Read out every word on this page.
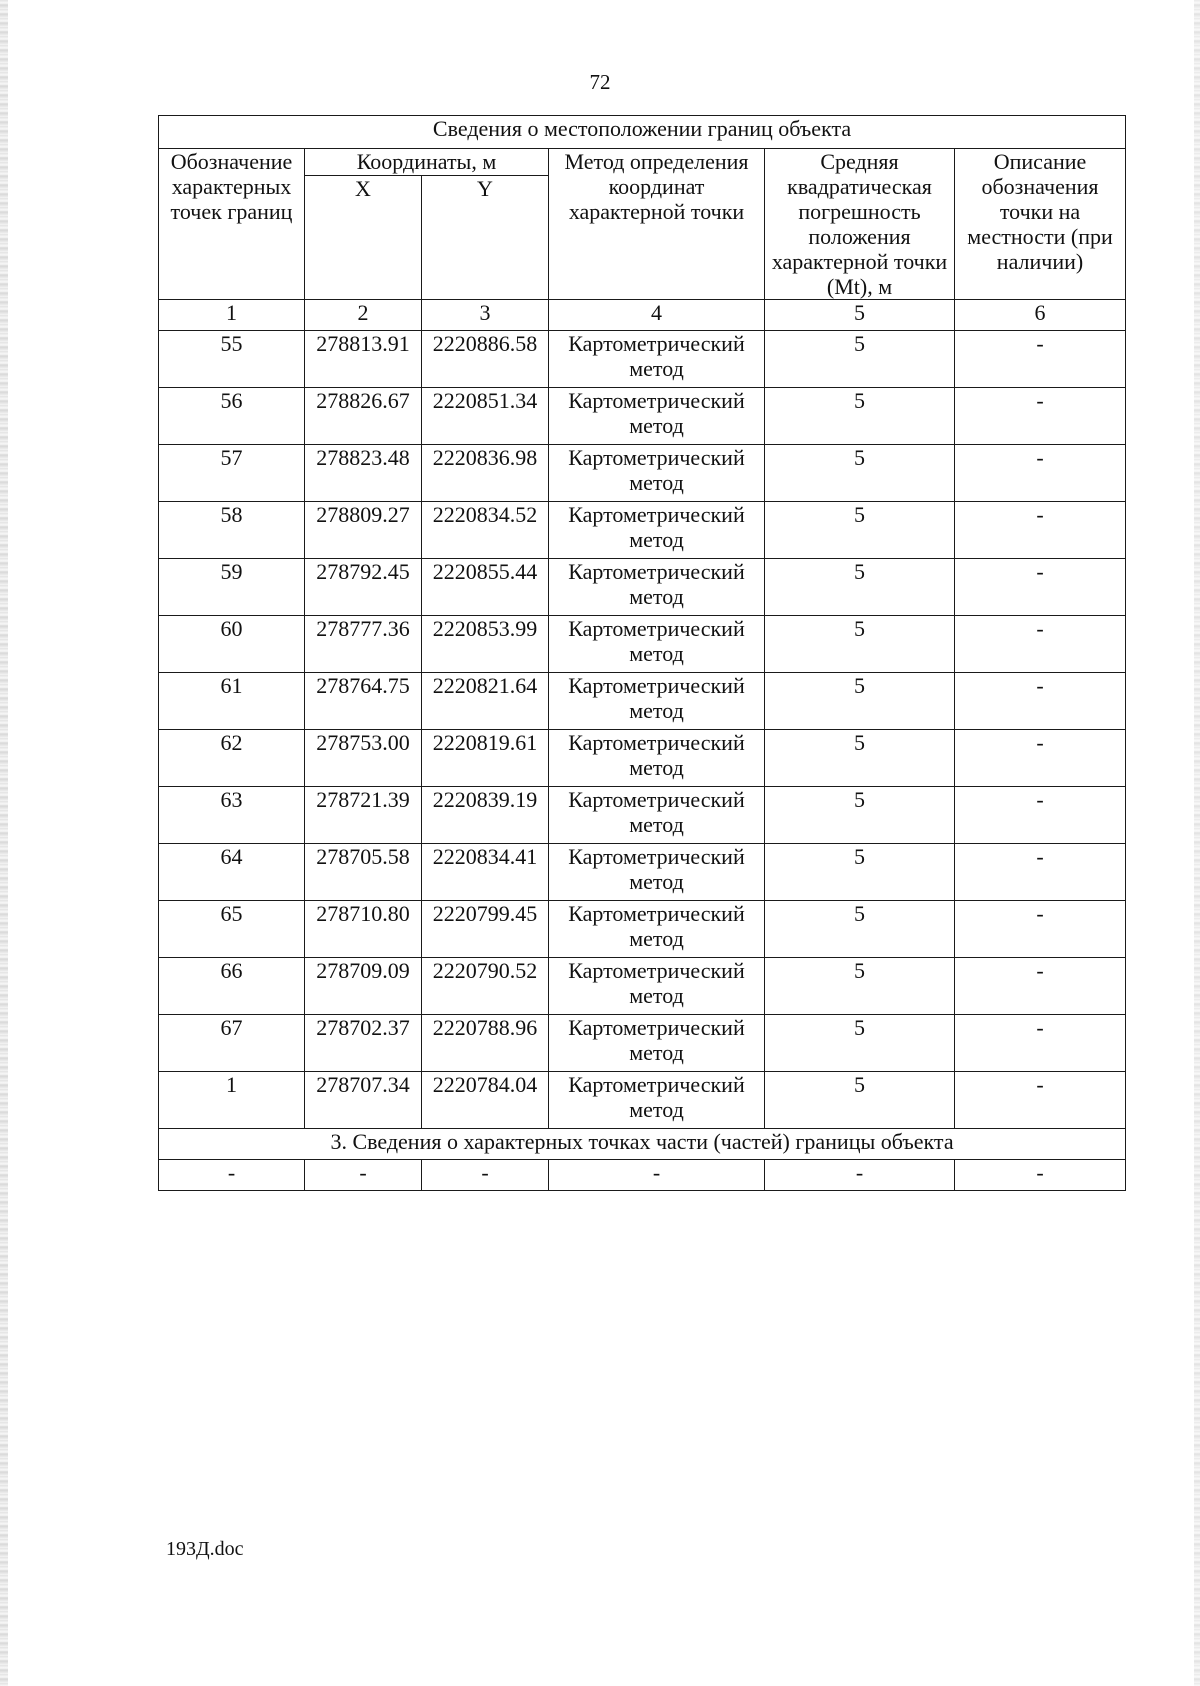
72
Сведения о местоположении границ объекта					
Обозначение характерных точек границ	Координаты, м		Метод определения координат характерной точки	Средняя квадратическая погрешность положения характерной точки (Mt), м	Описание обозначения точки на местности (при наличии)
	X	Y			
1	2	3	4	5	6
55	278813.91	2220886.58	Картометрический метод	5	-
56	278826.67	2220851.34	Картометрический метод	5	-
57	278823.48	2220836.98	Картометрический метод	5	-
58	278809.27	2220834.52	Картометрический метод	5	-
59	278792.45	2220855.44	Картометрический метод	5	-
60	278777.36	2220853.99	Картометрический метод	5	-
61	278764.75	2220821.64	Картометрический метод	5	-
62	278753.00	2220819.61	Картометрический метод	5	-
63	278721.39	2220839.19	Картометрический метод	5	-
64	278705.58	2220834.41	Картометрический метод	5	-
65	278710.80	2220799.45	Картометрический метод	5	-
66	278709.09	2220790.52	Картометрический метод	5	-
67	278702.37	2220788.96	Картометрический метод	5	-
1	278707.34	2220784.04	Картометрический метод	5	-
3. Сведения о характерных точках части (частей) границы объекта					
-	-	-	-	-	-
193Д.doc
